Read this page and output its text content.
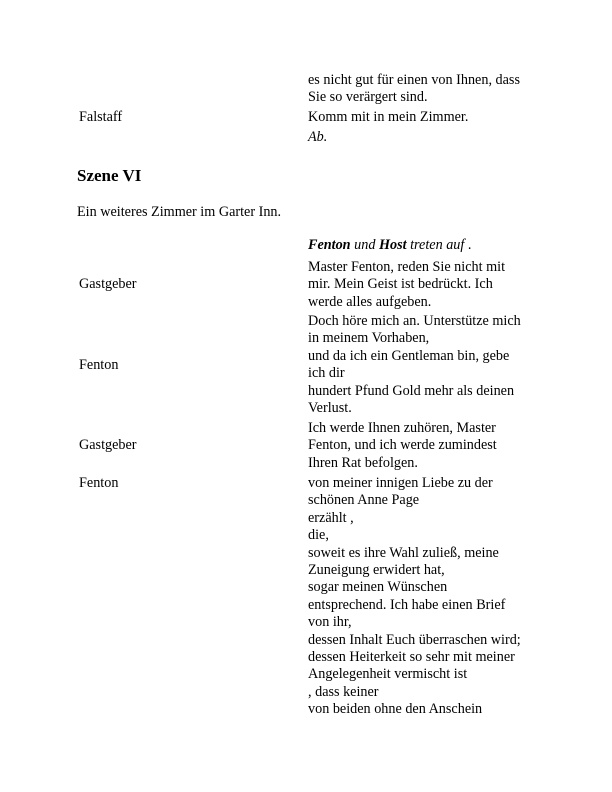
es nicht gut für einen von Ihnen, dass
Sie so verärgert sind.
Falstaff	Komm mit in mein Zimmer.
Ab.
Szene VI
Ein weiteres Zimmer im Garter Inn.
Fenton und Host treten auf .
Gastgeber
Master Fenton, reden Sie nicht mit
mir. Mein Geist ist bedrückt. Ich
werde alles aufgeben.
Fenton
Doch höre mich an. Unterstütze mich
in meinem Vorhaben,
und da ich ein Gentleman bin, gebe
ich dir
hundert Pfund Gold mehr als deinen
Verlust.
Gastgeber
Ich werde Ihnen zuhören, Master
Fenton, und ich werde zumindest
Ihren Rat befolgen.
Fenton	von meiner innigen Liebe zu der
schönen Anne Page
erzählt ,
die,
soweit es ihre Wahl zuließ, meine
Zuneigung erwidert hat,
sogar meinen Wünschen
entsprechend. Ich habe einen Brief
von ihr,
dessen Inhalt Euch überraschen wird;
dessen Heiterkeit so sehr mit meiner
Angelegenheit vermischt ist
, dass keiner
von beiden ohne den Anschein
